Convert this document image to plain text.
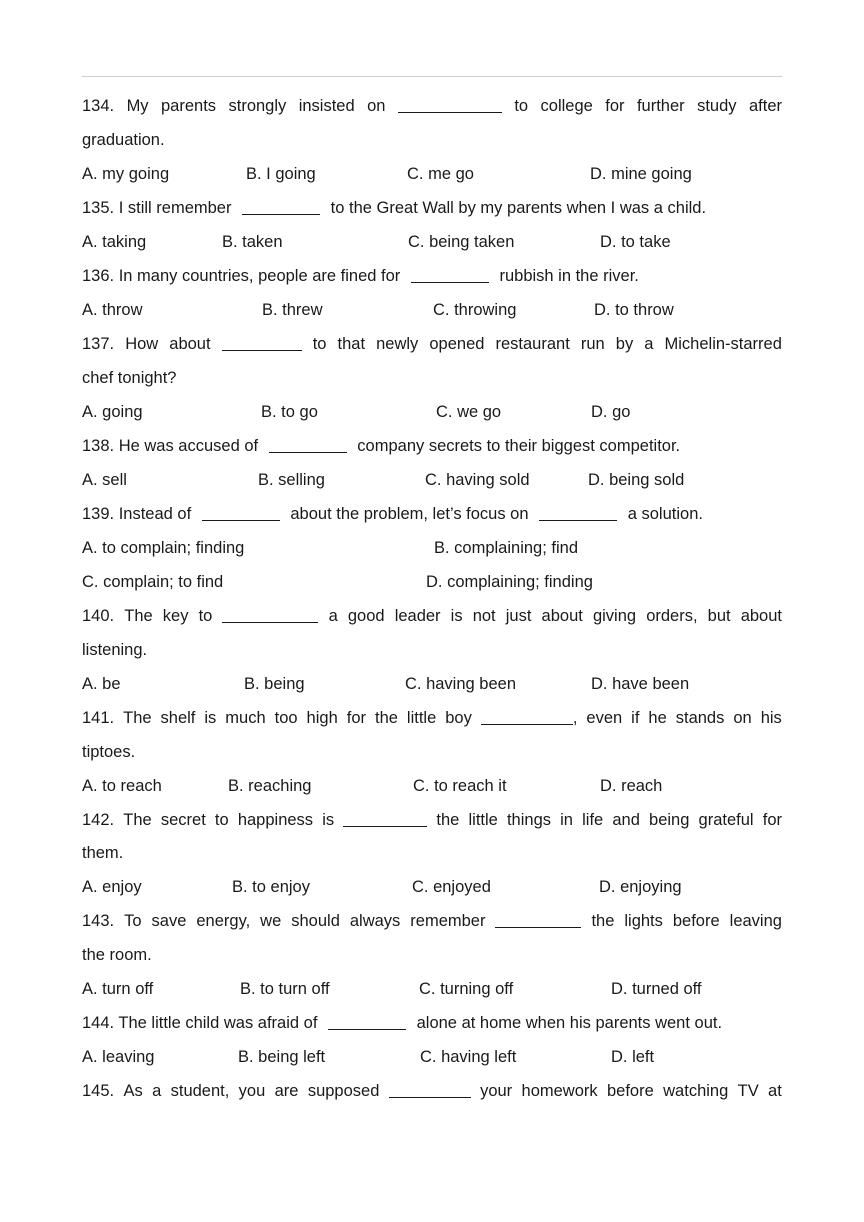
134. My parents strongly insisted on	to college for further study after
graduation.
A. my going	B. I going	C. me go	D. mine going
135. I still remember	to the Great Wall by my parents when I was a child.
A. taking	B. taken	C. being taken	D. to take
136. In many countries, people are fined for	rubbish in the river.
A. throw	B. threw	C. throwing	D. to throw
137. How about	to that newly opened restaurant run by a Michelin-starred
chef tonight?
A. going	B. to go	C. we go	D. go
138. He was accused of	company secrets to their biggest competitor.
A. sell	B. selling	C. having sold	D. being sold
139. Instead of	about the problem, let’s focus on	a solution.
A. to complain; finding	B. complaining; find
C. complain; to find	D. complaining; finding
140. The key to	a good leader is not just about giving orders, but about
listening.
A. be	B. being	C. having been	D. have been
141. The shelf is much too high for the little boy	, even if he stands on his
tiptoes.
A. to reach	B. reaching	C. to reach it	D. reach
142. The secret to happiness is	the little things in life and being grateful for
them.
A. enjoy	B. to enjoy	C. enjoyed	D. enjoying
143. To save energy, we should always remember	the lights before leaving
the room.
A. turn off	B. to turn off	C. turning off	D. turned off
144. The little child was afraid of	alone at home when his parents went out.
A. leaving	B. being left	C. having left	D. left
145. As a student, you are supposed	your homework before watching TV at
